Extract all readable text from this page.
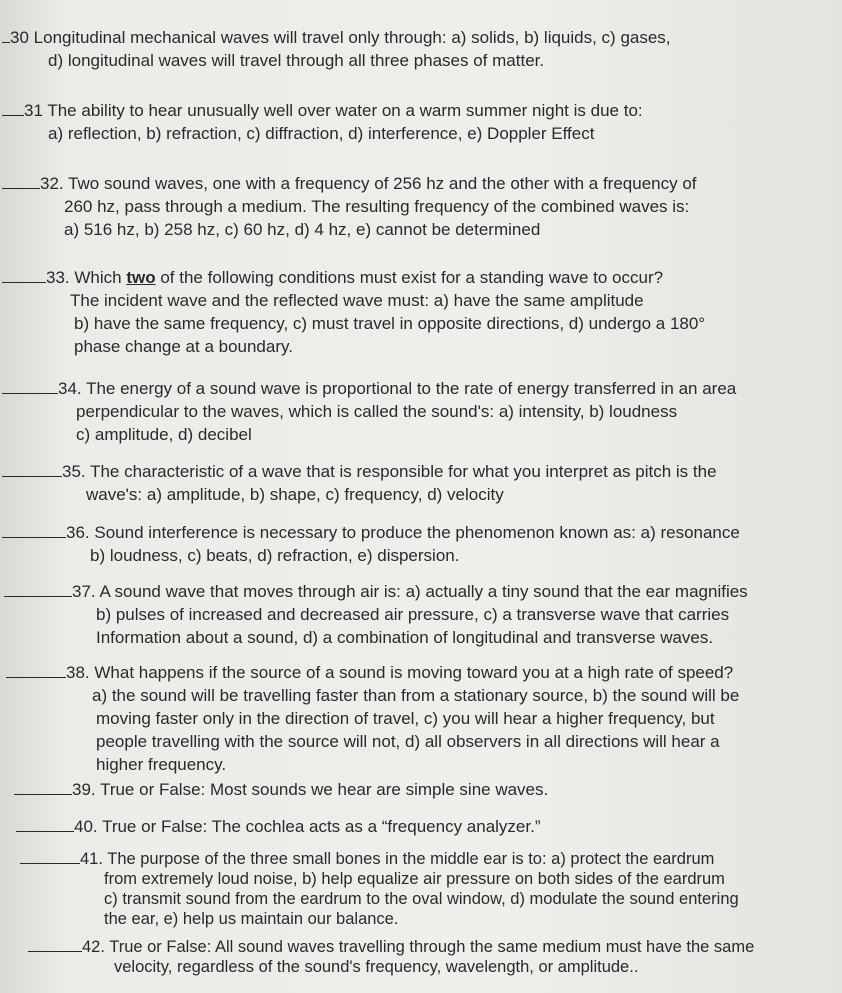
30 Longitudinal mechanical waves will travel only through: a) solids, b) liquids, c) gases,
d) longitudinal waves will travel through all three phases of matter.
31 The ability to hear unusually well over water on a warm summer night is due to:
a) reflection, b) refraction, c) diffraction, d) interference, e) Doppler Effect
32. Two sound waves, one with a frequency of 256 hz and the other with a frequency of
260 hz, pass through a medium. The resulting frequency of the combined waves is:
a) 516 hz, b) 258 hz, c) 60 hz, d) 4 hz, e) cannot be determined
33. Which two of the following conditions must exist for a standing wave to occur?
The incident wave and the reflected wave must: a) have the same amplitude
b) have the same frequency, c) must travel in opposite directions, d) undergo a 180°
phase change at a boundary.
34. The energy of a sound wave is proportional to the rate of energy transferred in an area
perpendicular to the waves, which is called the sound's: a) intensity, b) loudness
c) amplitude, d) decibel
35. The characteristic of a wave that is responsible for what you interpret as pitch is the
wave's: a) amplitude, b) shape, c) frequency, d) velocity
36. Sound interference is necessary to produce the phenomenon known as: a) resonance
b) loudness, c) beats, d) refraction, e) dispersion.
37. A sound wave that moves through air is: a) actually a tiny sound that the ear magnifies
b) pulses of increased and decreased air pressure, c) a transverse wave that carries
Information about a sound, d) a combination of longitudinal and transverse waves.
38. What happens if the source of a sound is moving toward you at a high rate of speed?
a) the sound will be travelling faster than from a stationary source, b) the sound will be
moving faster only in the direction of travel, c) you will hear a higher frequency, but
people travelling with the source will not, d) all observers in all directions will hear a
higher frequency.
39. True or False: Most sounds we hear are simple sine waves.
40. True or False: The cochlea acts as a “frequency analyzer.”
41. The purpose of the three small bones in the middle ear is to: a) protect the eardrum
from extremely loud noise, b) help equalize air pressure on both sides of the eardrum
c) transmit sound from the eardrum to the oval window, d) modulate the sound entering
the ear, e) help us maintain our balance.
42. True or False: All sound waves travelling through the same medium must have the same
velocity, regardless of the sound's frequency, wavelength, or amplitude..
